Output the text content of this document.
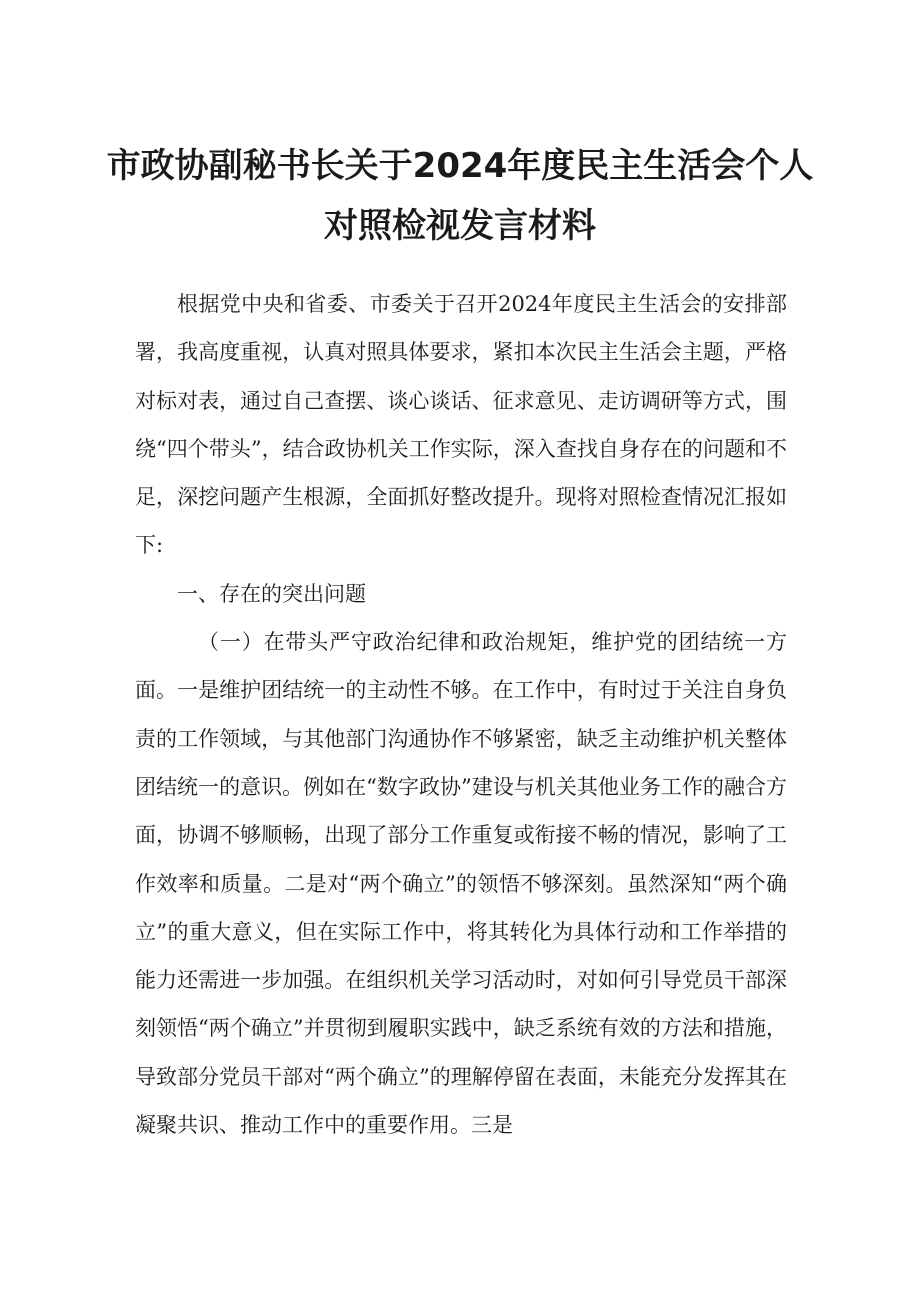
市政协副秘书长关于2024年度民主生活会个人
对照检视发言材料

根据党中央和省委、市委关于召开2024年度民主生活会的安排部署，我高度重视，认真对照具体要求，紧扣本次民主生活会主题，严格对标对表，通过自己查摆、谈心谈话、征求意见、走访调研等方式，围绕“四个带头”，结合政协机关工作实际，深入查找自身存在的问题和不足，深挖问题产生根源，全面抓好整改提升。现将对照检查情况汇报如下:

一、存在的突出问题

（一）在带头严守政治纪律和政治规矩，维护党的团结统一方面。一是维护团结统一的主动性不够。在工作中，有时过于关注自身负责的工作领域，与其他部门沟通协作不够紧密，缺乏主动维护机关整体团结统一的意识。例如在“数字政协”建设与机关其他业务工作的融合方面，协调不够顺畅，出现了部分工作重复或衔接不畅的情况，影响了工作效率和质量。二是对“两个确立”的领悟不够深刻。虽然深知“两个确立”的重大意义，但在实际工作中，将其转化为具体行动和工作举措的能力还需进一步加强。在组织机关学习活动时，对如何引导党员干部深刻领悟“两个确立”并贯彻到履职实践中，缺乏系统有效的方法和措施，导致部分党员干部对“两个确立”的理解停留在表面，未能充分发挥其在凝聚共识、推动工作中的重要作用。三是
